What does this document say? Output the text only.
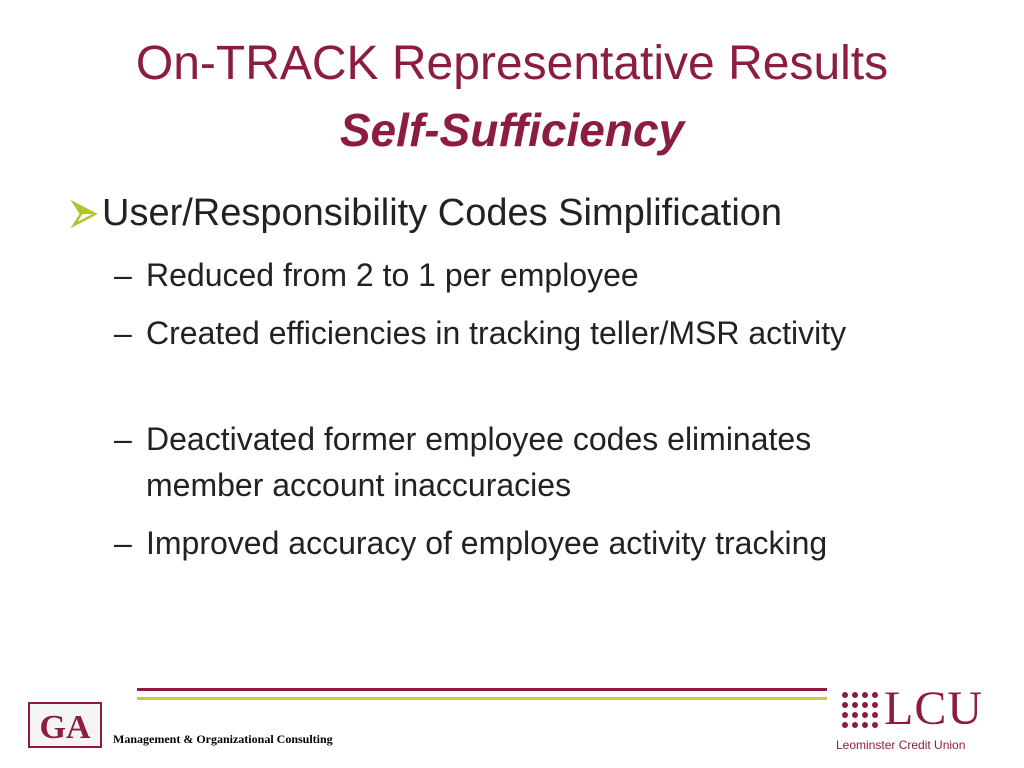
On-TRACK Representative Results
Self-Sufficiency
User/Responsibility Codes Simplification
– Reduced from 2 to 1 per employee
– Created efficiencies in tracking teller/MSR activity
– Deactivated former employee codes eliminates member account inaccuracies
– Improved accuracy of employee activity tracking
GA Management & Organizational Consulting
LCU
Leominster Credit Union
